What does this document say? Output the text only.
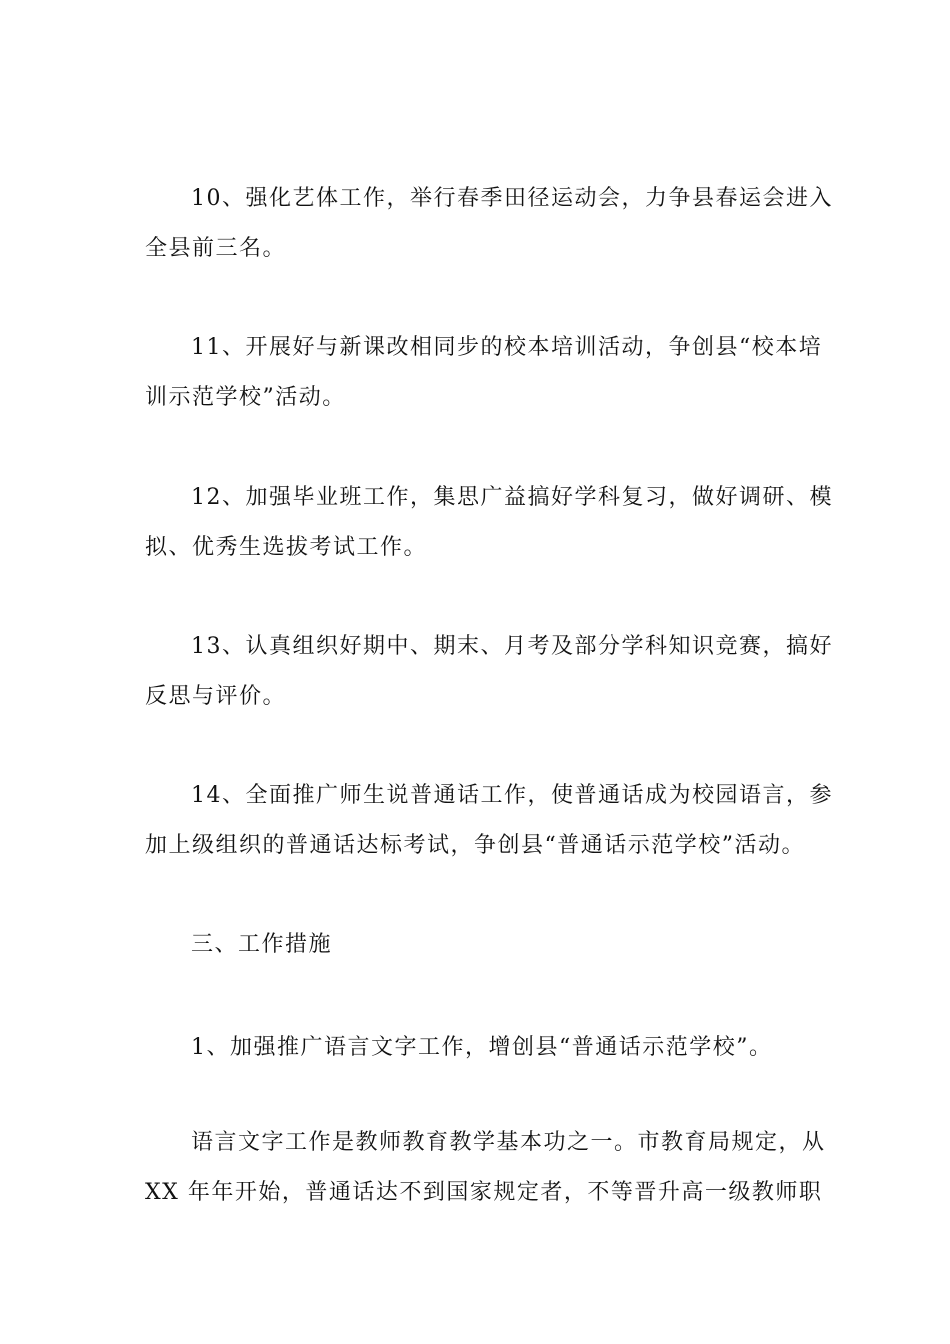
10、强化艺体工作，举行春季田径运动会，力争县春运会进入
全县前三名。

11、开展好与新课改相同步的校本培训活动，争创县“校本培
训示范学校”活动。

12、加强毕业班工作，集思广益搞好学科复习，做好调研、模
拟、优秀生选拔考试工作。

13、认真组织好期中、期末、月考及部分学科知识竞赛，搞好
反思与评价。

14、全面推广师生说普通话工作，使普通话成为校园语言，参
加上级组织的普通话达标考试，争创县“普通话示范学校”活动。

三、工作措施

1、加强推广语言文字工作，增创县“普通话示范学校”。

语言文字工作是教师教育教学基本功之一。市教育局规定，从
XX 年年开始，普通话达不到国家规定者，不等晋升高一级教师职
